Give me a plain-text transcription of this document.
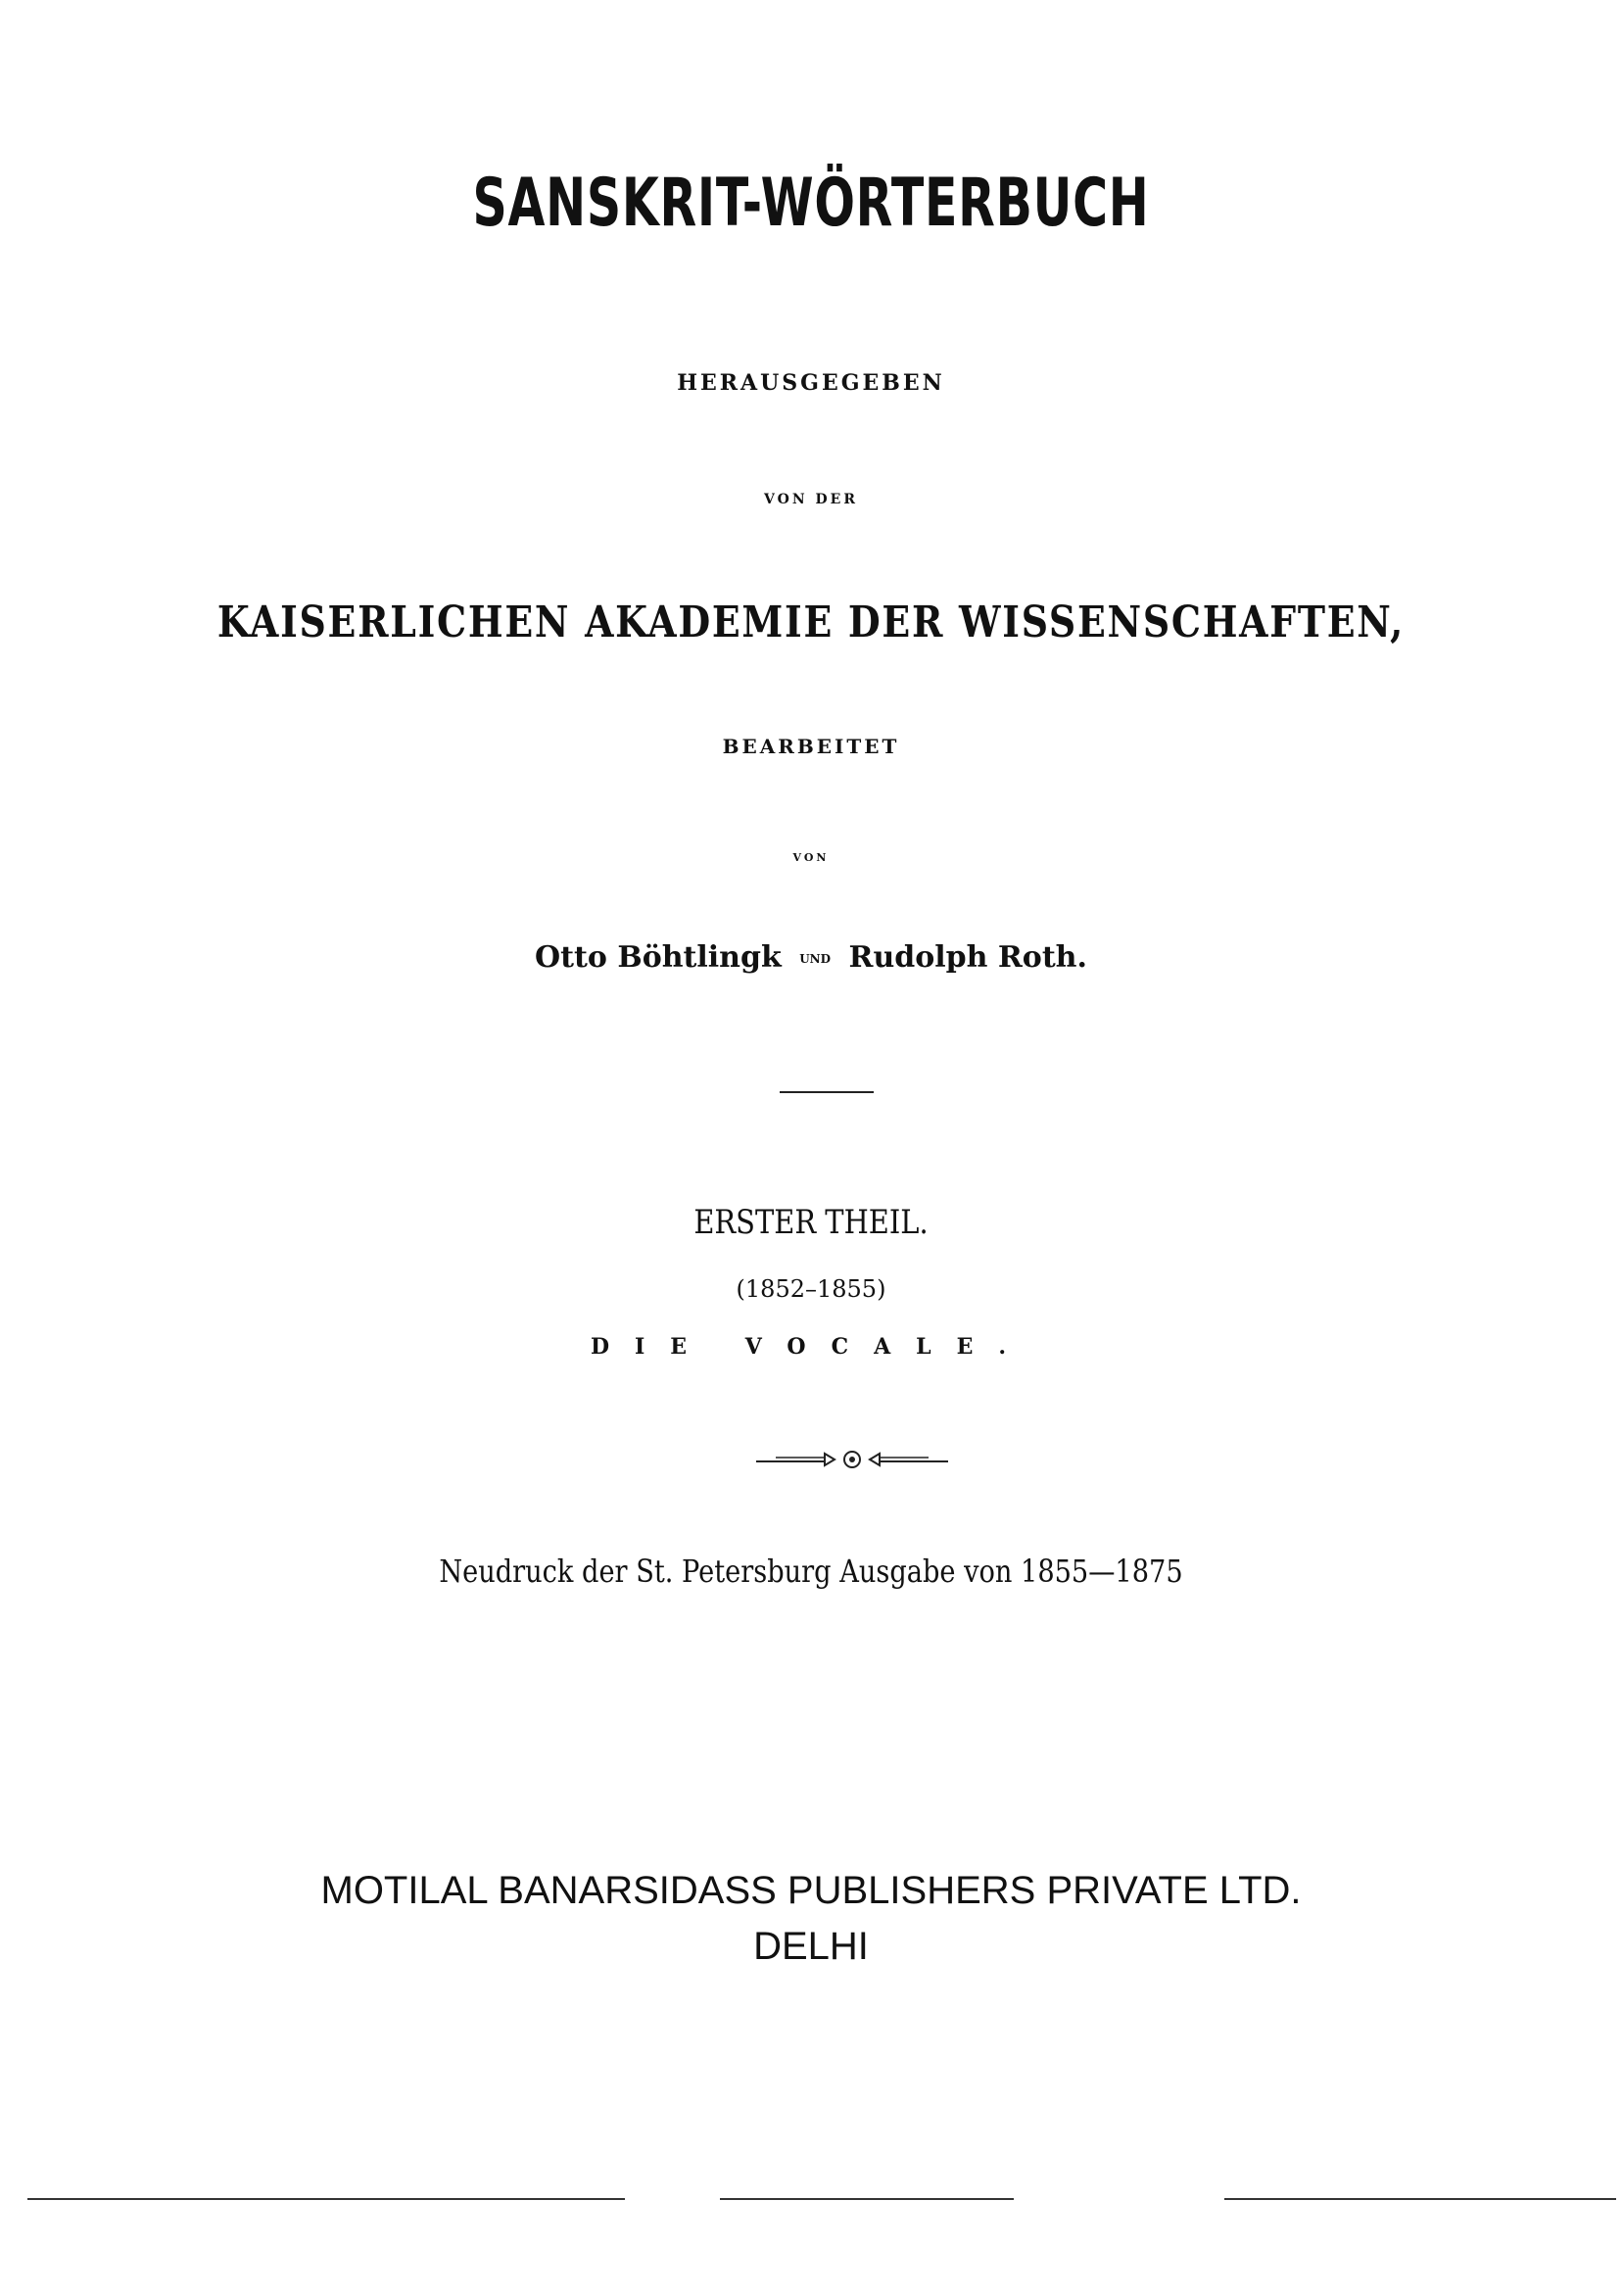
SANSKRIT-WÖRTERBUCH
HERAUSGEGEBEN
VON DER
KAISERLICHEN AKADEMIE DER WISSENSCHAFTEN,
BEARBEITET
VON
Otto Böhtlingk UND Rudolph Roth.
ERSTER THEIL.
(1852–1855)
DIE VOCALE.
Neudruck der St. Petersburg Ausgabe von 1855—1875
MOTILAL BANARSIDASS PUBLISHERS PRIVATE LTD.
DELHI
